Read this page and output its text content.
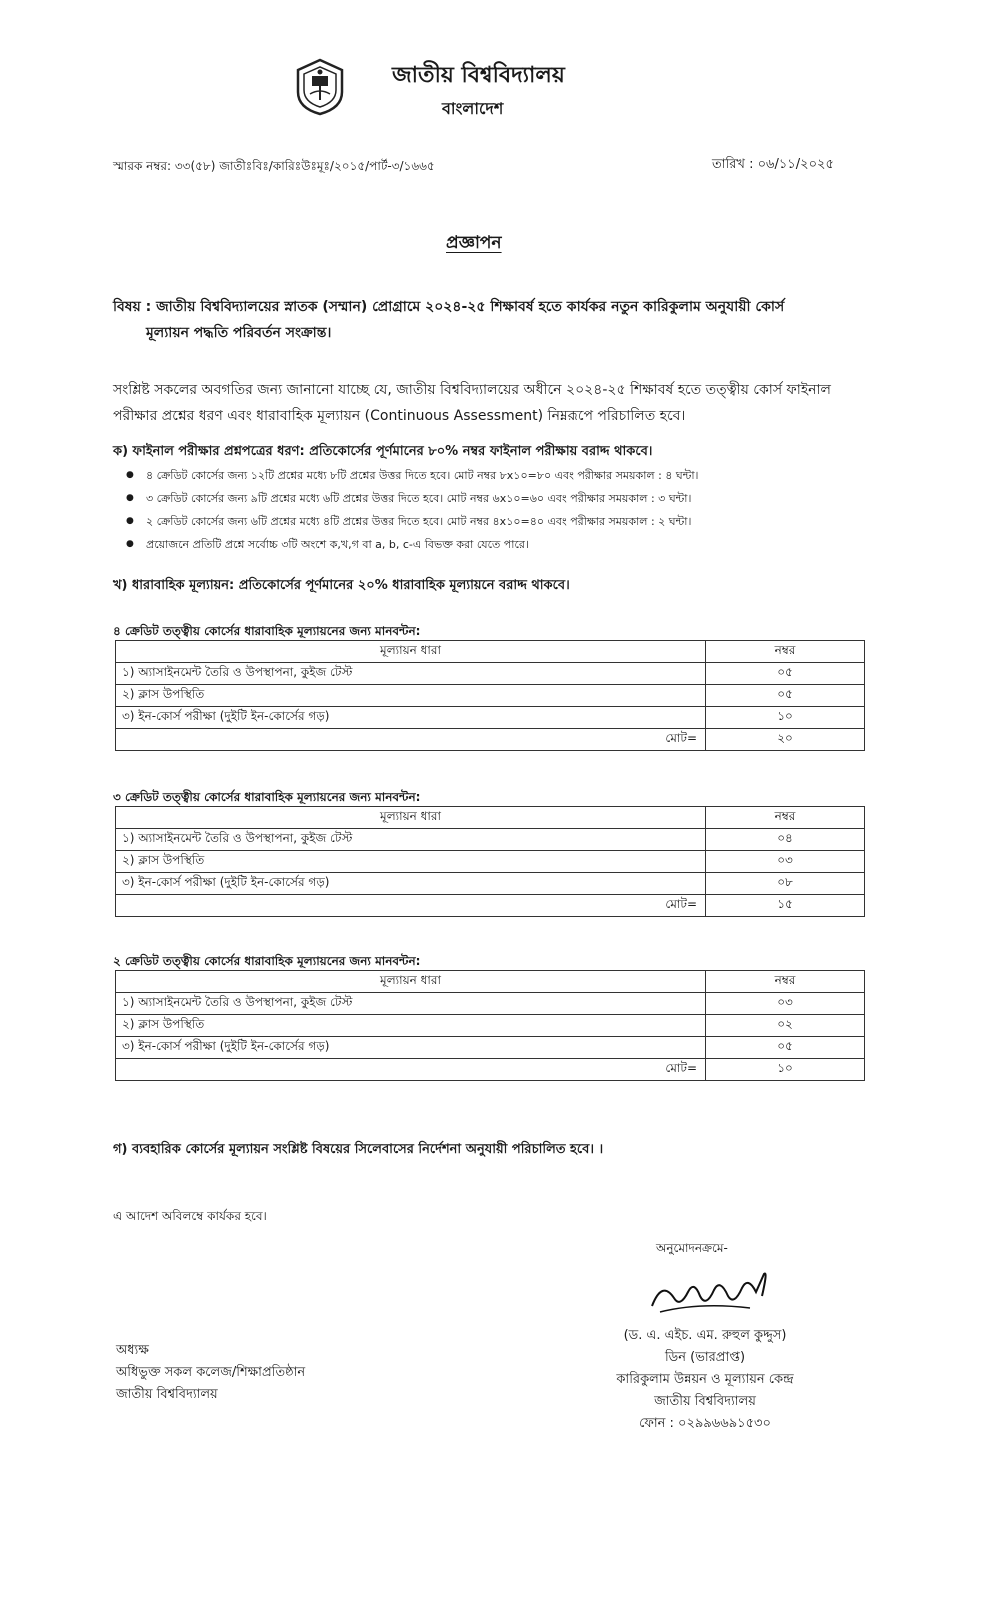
জাতীয় বিশ্ববিদ্যালয়
বাংলাদেশ
স্মারক নম্বর: ৩৩(৫৮) জাতীঃবিঃ/কারিঃউঃমূঃ/২০১৫/পার্ট-৩/১৬৬৫	তারিখ : ০৬/১১/২০২৫
প্রজ্ঞাপন
বিষয় : জাতীয় বিশ্ববিদ্যালয়ের স্নাতক (সম্মান) প্রোগ্রামে ২০২৪-২৫ শিক্ষাবর্ষ হতে কার্যকর নতুন কারিকুলাম অনুযায়ী কোর্স
মূল্যায়ন পদ্ধতি পরিবর্তন সংক্রান্ত।
সংশ্লিষ্ট সকলের অবগতির জন্য জানানো যাচ্ছে যে, জাতীয় বিশ্ববিদ্যালয়ের অধীনে ২০২৪-২৫ শিক্ষাবর্ষ হতে তত্ত্বীয় কোর্স ফাইনাল পরীক্ষার প্রশ্নের ধরণ এবং ধারাবাহিক মূল্যায়ন (Continuous Assessment) নিম্নরূপে পরিচালিত হবে।
ক) ফাইনাল পরীক্ষার প্রশ্নপত্রের ধরণ: প্রতিকোর্সের পূর্ণমানের ৮০% নম্বর ফাইনাল পরীক্ষায় বরাদ্দ থাকবে।
● ৪ ক্রেডিট কোর্সের জন্য ১২টি প্রশ্নের মধ্যে ৮টি প্রশ্নের উত্তর দিতে হবে। মোট নম্বর ৮x১০=৮০ এবং পরীক্ষার সময়কাল : ৪ ঘন্টা।
● ৩ ক্রেডিট কোর্সের জন্য ৯টি প্রশ্নের মধ্যে ৬টি প্রশ্নের উত্তর দিতে হবে। মোট নম্বর ৬x১০=৬০ এবং পরীক্ষার সময়কাল : ৩ ঘন্টা।
● ২ ক্রেডিট কোর্সের জন্য ৬টি প্রশ্নের মধ্যে ৪টি প্রশ্নের উত্তর দিতে হবে। মোট নম্বর ৪x১০=৪০ এবং পরীক্ষার সময়কাল : ২ ঘন্টা।
● প্রয়োজনে প্রতিটি প্রশ্নে সর্বোচ্চ ৩টি অংশে ক,খ,গ বা a, b, c-এ বিভক্ত করা যেতে পারে।
খ) ধারাবাহিক মূল্যায়ন: প্রতিকোর্সের পূর্ণমানের ২০% ধারাবাহিক মূল্যায়নে বরাদ্দ থাকবে।
৪ ক্রেডিট তত্ত্বীয় কোর্সের ধারাবাহিক মূল্যায়নের জন্য মানবন্টন:
মূল্যায়ন ধারা	নম্বর
১) অ্যাসাইনমেন্ট তৈরি ও উপস্থাপনা, কুইজ টেস্ট	০৫
২) ক্লাস উপস্থিতি	০৫
৩) ইন-কোর্স পরীক্ষা (দুইটি ইন-কোর্সের গড়)	১০
মোট=	২০
৩ ক্রেডিট তত্ত্বীয় কোর্সের ধারাবাহিক মূল্যায়নের জন্য মানবন্টন:
মূল্যায়ন ধারা	নম্বর
১) অ্যাসাইনমেন্ট তৈরি ও উপস্থাপনা, কুইজ টেস্ট	০৪
২) ক্লাস উপস্থিতি	০৩
৩) ইন-কোর্স পরীক্ষা (দুইটি ইন-কোর্সের গড়)	০৮
মোট=	১৫
২ ক্রেডিট তত্ত্বীয় কোর্সের ধারাবাহিক মূল্যায়নের জন্য মানবন্টন:
মূল্যায়ন ধারা	নম্বর
১) অ্যাসাইনমেন্ট তৈরি ও উপস্থাপনা, কুইজ টেস্ট	০৩
২) ক্লাস উপস্থিতি	০২
৩) ইন-কোর্স পরীক্ষা (দুইটি ইন-কোর্সের গড়)	০৫
মোট=	১০
গ) ব্যবহারিক কোর্সের মূল্যায়ন সংশ্লিষ্ট বিষয়ের সিলেবাসের নির্দেশনা অনুযায়ী পরিচালিত হবে। ।
এ আদেশ অবিলম্বে কার্যকর হবে।
অনুমোদনক্রমে-
(ড. এ. এইচ. এম. রুহুল কুদ্দুস)
ডিন (ভারপ্রাপ্ত)
কারিকুলাম উন্নয়ন ও মূল্যায়ন কেন্দ্র
জাতীয় বিশ্ববিদ্যালয়
ফোন : ০২৯৯৬৬৯১৫৩০
অধ্যক্ষ
অধিভুক্ত সকল কলেজ/শিক্ষাপ্রতিষ্ঠান
জাতীয় বিশ্ববিদ্যালয়
